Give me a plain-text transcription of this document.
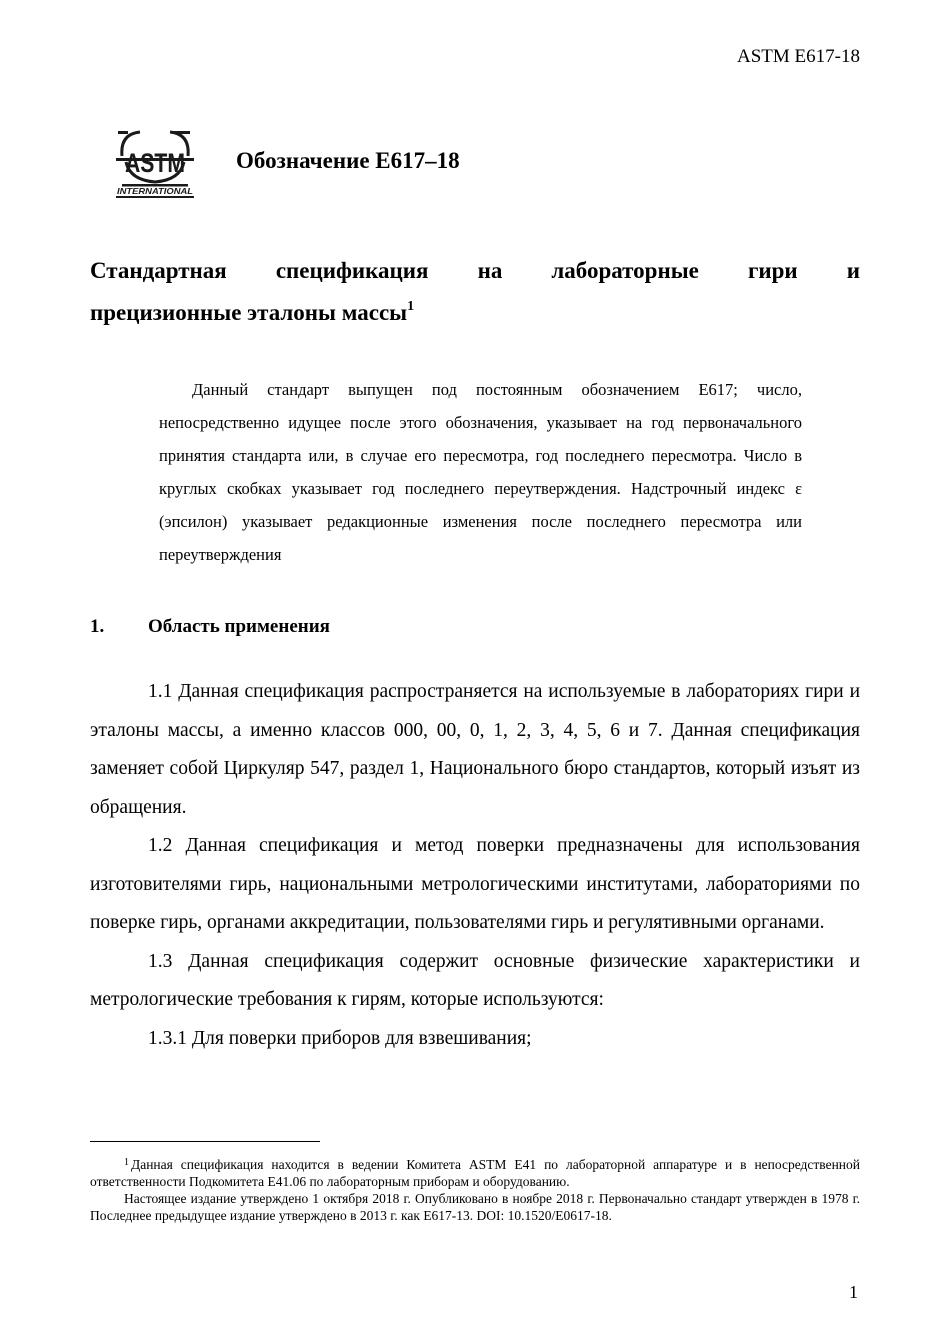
ASTM E617-18
ASTM
INTERNATIONAL
Обозначение E617–18
Стандартная спецификация на лабораторные гири и
прецизионные эталоны массы$^1$

Данный стандарт выпущен под постоянным обозначением E617; число, непосредственно идущее после этого обозначения, указывает на год первоначального принятия стандарта или, в случае его пересмотра, год последнего пересмотра. Число в круглых скобках указывает год последнего переутверждения. Надстрочный индекс ε (эпсилон) указывает редакционные изменения после последнего пересмотра или переутверждения

1. Область применения

1.1 Данная спецификация распространяется на используемые в лабораториях гири и эталоны массы, а именно классов 000, 00, 0, 1, 2, 3, 4, 5, 6 и 7. Данная спецификация заменяет собой Циркуляр 547, раздел 1, Национального бюро стандартов, который изъят из обращения.

1.2 Данная спецификация и метод поверки предназначены для использования изготовителями гирь, национальными метрологическими институтами, лабораториями по поверке гирь, органами аккредитации, пользователями гирь и регулятивными органами.

1.3 Данная спецификация содержит основные физические характеристики и метрологические требования к гирям, которые используются:

1.3.1 Для поверки приборов для взвешивания;

$^1$ Данная спецификация находится в ведении Комитета ASTM E41 по лабораторной аппаратуре и в непосредственной ответственности Подкомитета E41.06 по лабораторным приборам и оборудованию.

Настоящее издание утверждено 1 октября 2018 г. Опубликовано в ноябре 2018 г. Первоначально стандарт утвержден в 1978 г. Последнее предыдущее издание утверждено в 2013 г. как E617-13. DOI: 10.1520/E0617-18.

1
